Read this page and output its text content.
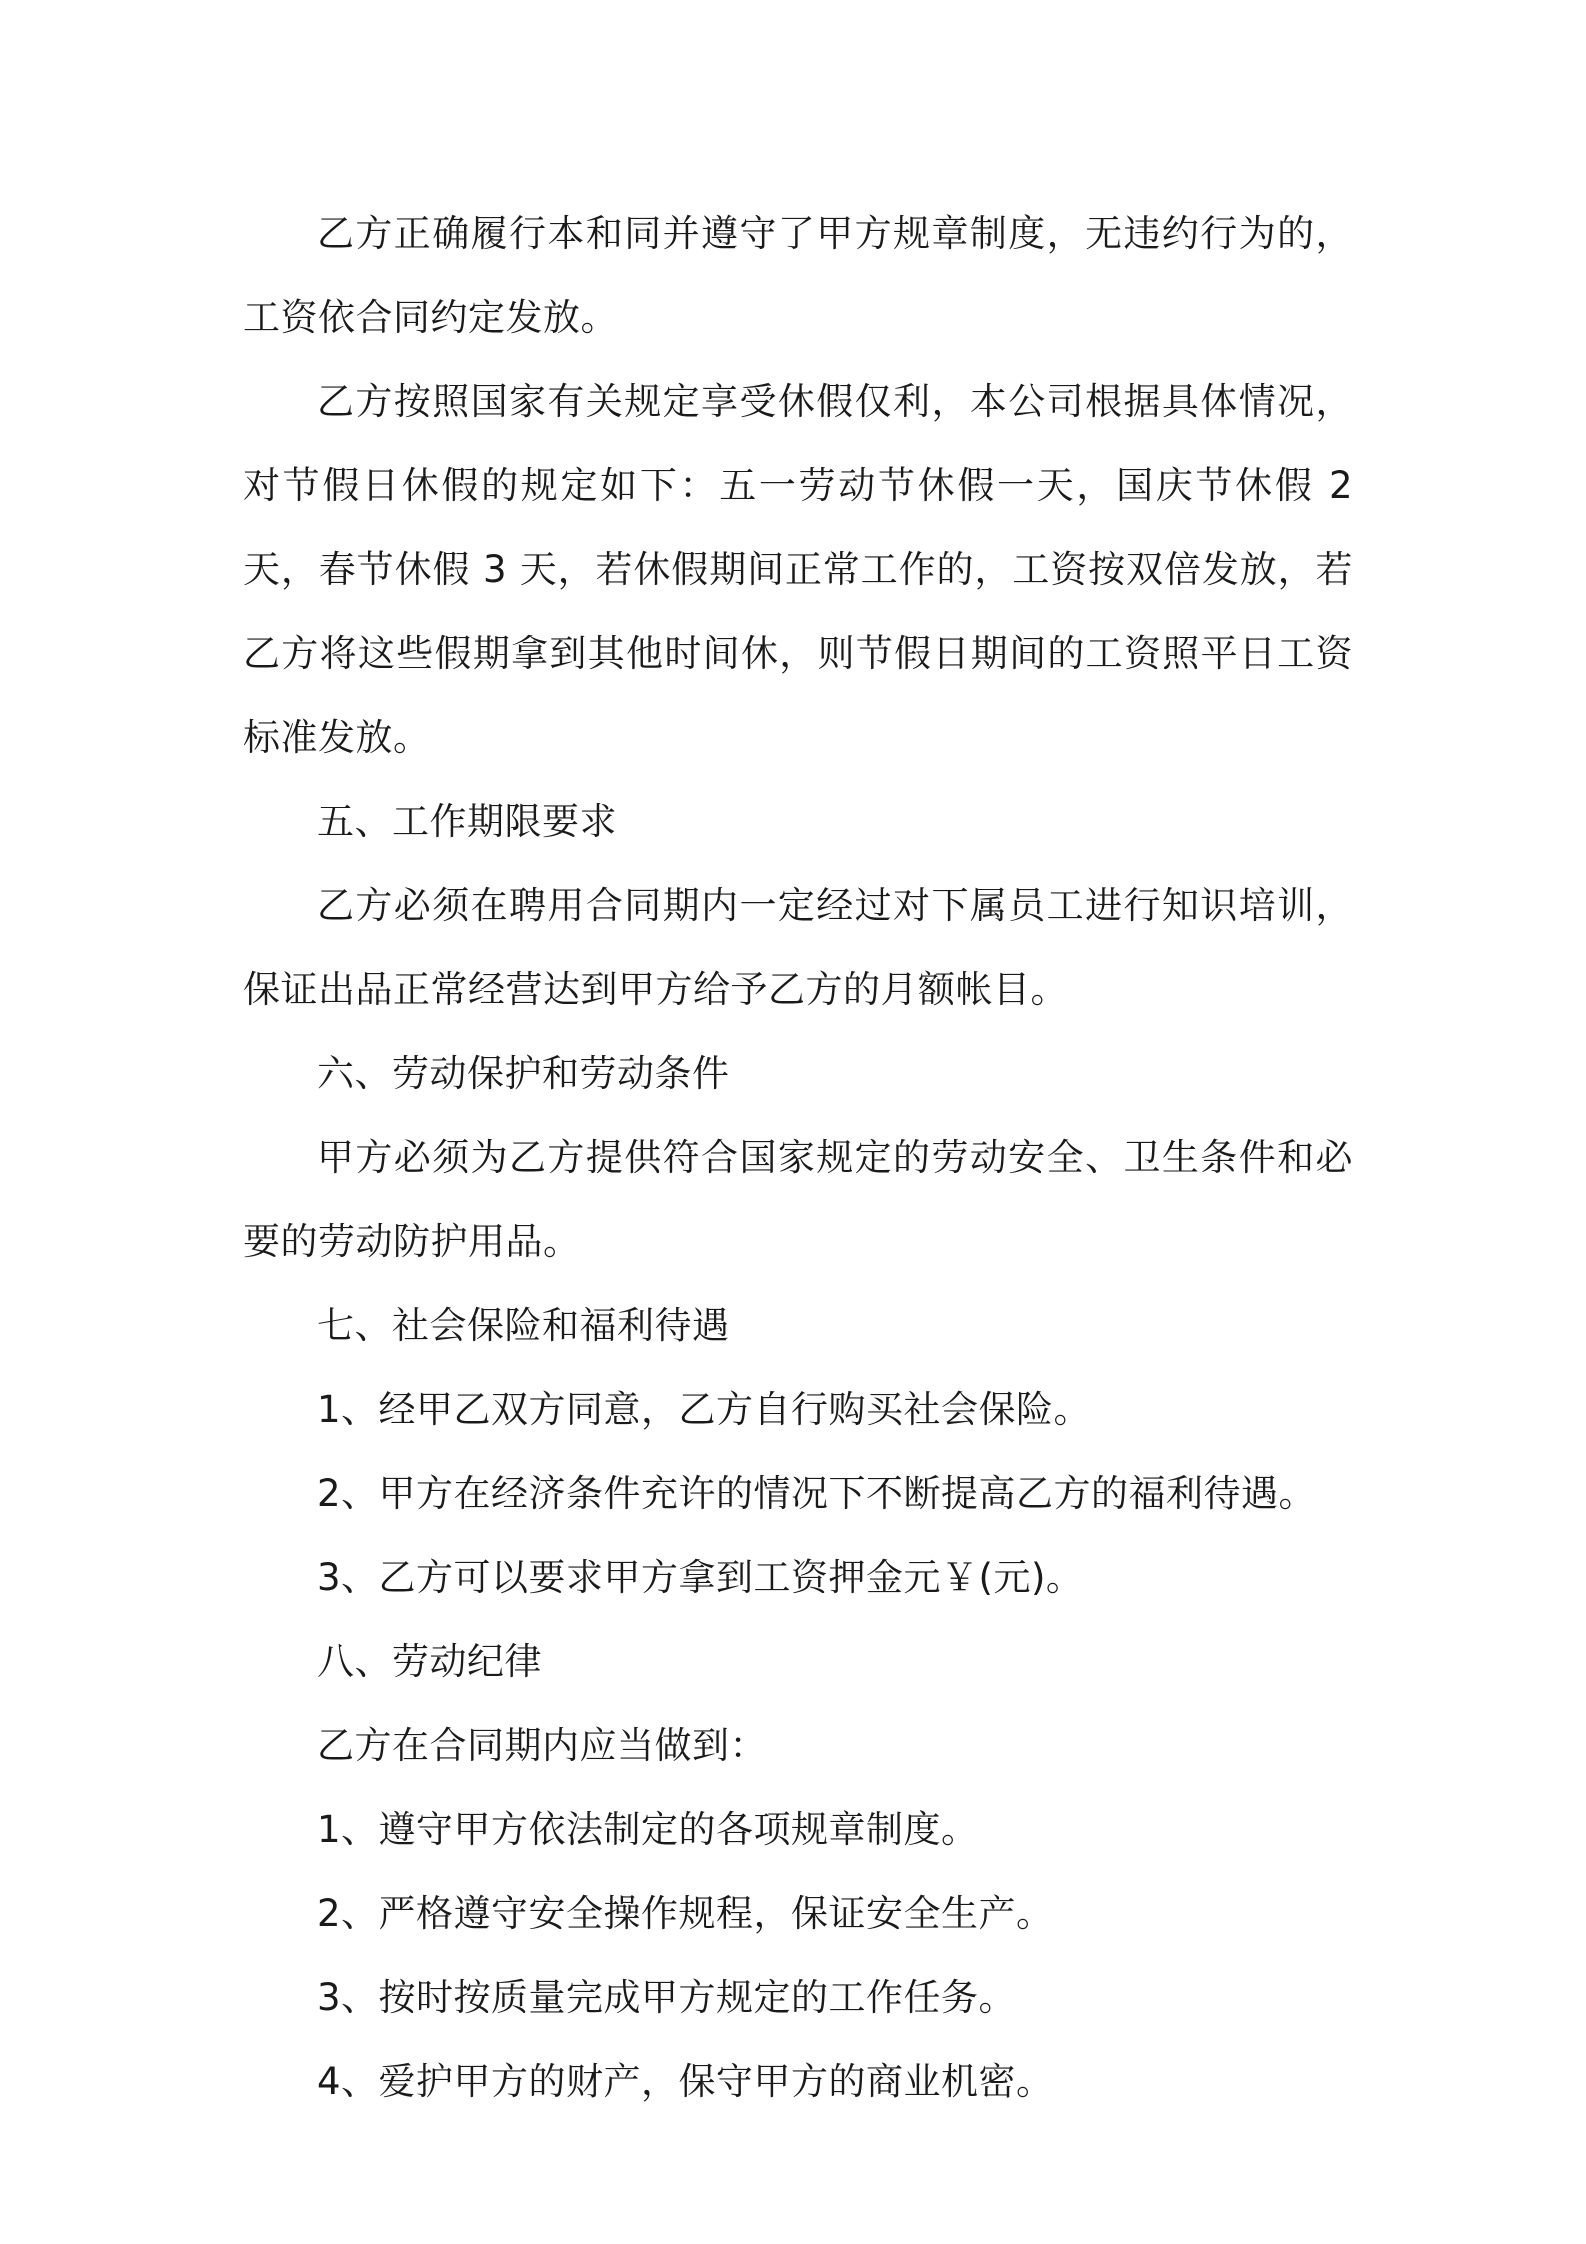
乙方正确履行本和同并遵守了甲方规章制度，无违约行为的，工资依合同约定发放。

乙方按照国家有关规定享受休假仅利，本公司根据具体情况，对节假日休假的规定如下：五一劳动节休假一天，国庆节休假 2 天，春节休假 3 天，若休假期间正常工作的，工资按双倍发放，若乙方将这些假期拿到其他时间休，则节假日期间的工资照平日工资标准发放。

五、工作期限要求

乙方必须在聘用合同期内一定经过对下属员工进行知识培训，保证出品正常经营达到甲方给予乙方的月额帐目。

六、劳动保护和劳动条件

甲方必须为乙方提供符合国家规定的劳动安全、卫生条件和必要的劳动防护用品。

七、社会保险和福利待遇

1、经甲乙双方同意，乙方自行购买社会保险。

2、甲方在经济条件充许的情况下不断提高乙方的福利待遇。

3、乙方可以要求甲方拿到工资押金元￥(元)。

八、劳动纪律

乙方在合同期内应当做到：

1、遵守甲方依法制定的各项规章制度。

2、严格遵守安全操作规程，保证安全生产。

3、按时按质量完成甲方规定的工作任务。

4、爱护甲方的财产，保守甲方的商业机密。
